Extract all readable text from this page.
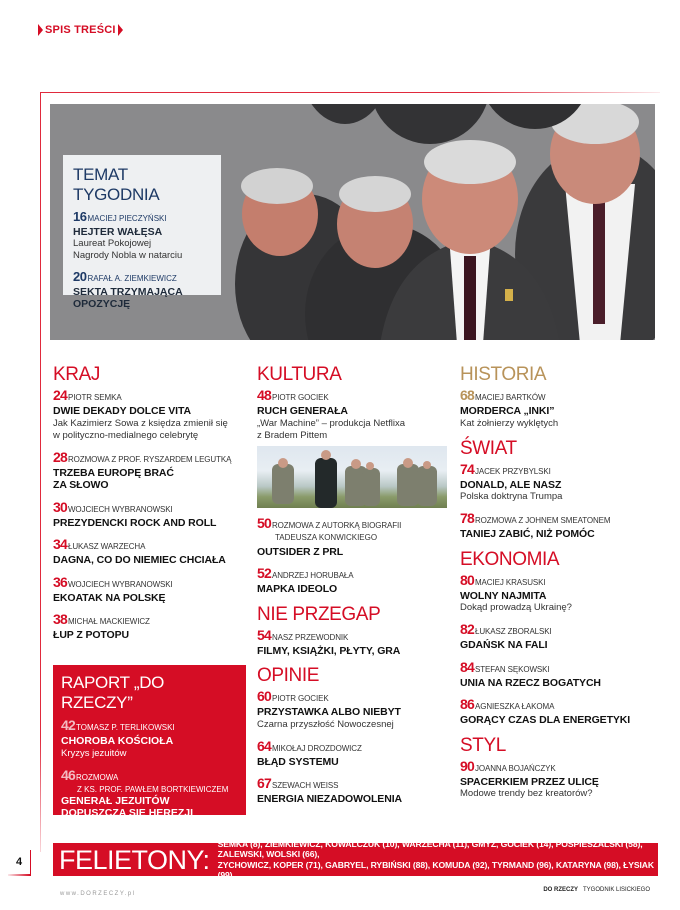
SPIS TREŚCI
TEMAT TYGODNIA
16MACIEJ PIECZYŃSKI
HEJTER WAŁĘSA
Laureat Pokojowej
Nagrody Nobla w natarciu
20RAFAŁ A. ZIEMKIEWICZ
SEKTA TRZYMAJĄCA OPOZYCJĘ
KRAJ
24PIOTR SEMKA
DWIE DEKADY DOLCE VITA
Jak Kazimierz Sowa z księdza zmienił się
w polityczno-medialnego celebrytę
28ROZMOWA Z PROF. RYSZARDEM LEGUTKĄ
TRZEBA EUROPĘ BRAĆ
ZA SŁOWO
30WOJCIECH WYBRANOWSKI
PREZYDENCKI ROCK AND ROLL
34ŁUKASZ WARZECHA
DAGNA, CO DO NIEMIEC CHCIAŁA
36WOJCIECH WYBRANOWSKI
EKOATAK NA POLSKĘ
38MICHAŁ MACKIEWICZ
ŁUP Z POTOPU
RAPORT „DO RZECZY”
42TOMASZ P. TERLIKOWSKI
CHOROBA KOŚCIOŁA
Kryzys jezuitów
46ROZMOWA
Z KS. PROF. PAWŁEM BORTKIEWICZEM
GENERAŁ JEZUITÓW
DOPUSZCZA SIĘ HEREZJI
KULTURA
48PIOTR GOCIEK
RUCH GENERAŁA
„War Machine” – produkcja Netflixa
z Bradem Pittem
50ROZMOWA Z AUTORKĄ BIOGRAFII
TADEUSZA KONWICKIEGO
OUTSIDER Z PRL
52ANDRZEJ HORUBAŁA
MAPKA IDEOLO
NIE PRZEGAP
54NASZ PRZEWODNIK
FILMY, KSIĄŻKI, PŁYTY, GRA
OPINIE
60PIOTR GOCIEK
PRZYSTAWKA ALBO NIEBYT
Czarna przyszłość Nowoczesnej
64MIKOŁAJ DROZDOWICZ
BŁĄD SYSTEMU
67SZEWACH WEISS
ENERGIA NIEZADOWOLENIA
HISTORIA
68MACIEJ BARTKÓW
MORDERCA „INKI”
Kat żołnierzy wyklętych
ŚWIAT
74JACEK PRZYBYLSKI
DONALD, ALE NASZ
Polska doktryna Trumpa
78ROZMOWA Z JOHNEM SMEATONEM
TANIEJ ZABIĆ, NIŻ POMÓC
EKONOMIA
80MACIEJ KRASUSKI
WOLNY NAJMITA
Dokąd prowadzą Ukrainę?
82ŁUKASZ ZBORALSKI
GDAŃSK NA FALI
84STEFAN SĘKOWSKI
UNIA NA RZECZ BOGATYCH
86AGNIESZKA ŁAKOMA
GORĄCY CZAS DLA ENERGETYKI
STYL
90JOANNA BOJAŃCZYK
SPACERKIEM PRZEZ ULICĘ
Modowe trendy bez kreatorów?
FELIETONY:
SEMKA (8), ZIEMKIEWICZ, KOWALCZUK (10), WARZECHA (11), GMYZ, GOCIEK (14), POSPIESZALSKI (58), ZALEWSKI, WOLSKI (66),
ZYCHOWICZ, KOPER (71), GABRYEL, RYBIŃSKI (88), KOMUDA (92), TYRMAND (96), KATARYNA (98), ŁYSIAK (99)
4
www.DORZECZY.pl
DO RZECZY TYGODNIK LISICKIEGO
